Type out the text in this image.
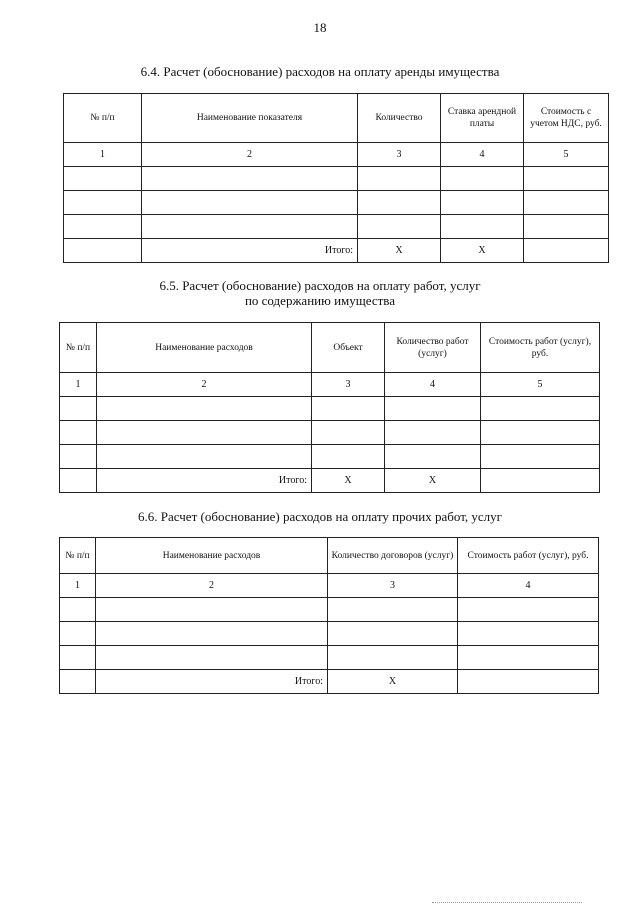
18
6.4. Расчет (обоснование) расходов на оплату аренды имущества
№ п/п	Наименование показателя	Количество	Ставка арендной платы	Стоимость с учетом НДС, руб.
1	2	3	4	5

	Итого:	Х	Х	
6.5. Расчет (обоснование) расходов на оплату работ, услуг
по содержанию имущества
№ п/п	Наименование расходов	Объект	Количество работ (услуг)	Стоимость работ (услуг), руб.
1	2	3	4	5

	Итого:	Х	Х	
6.6. Расчет (обоснование) расходов на оплату прочих работ, услуг
№ п/п	Наименование расходов	Количество договоров (услуг)	Стоимость работ (услуг), руб.
1	2	3	4

	Итого:	Х	
